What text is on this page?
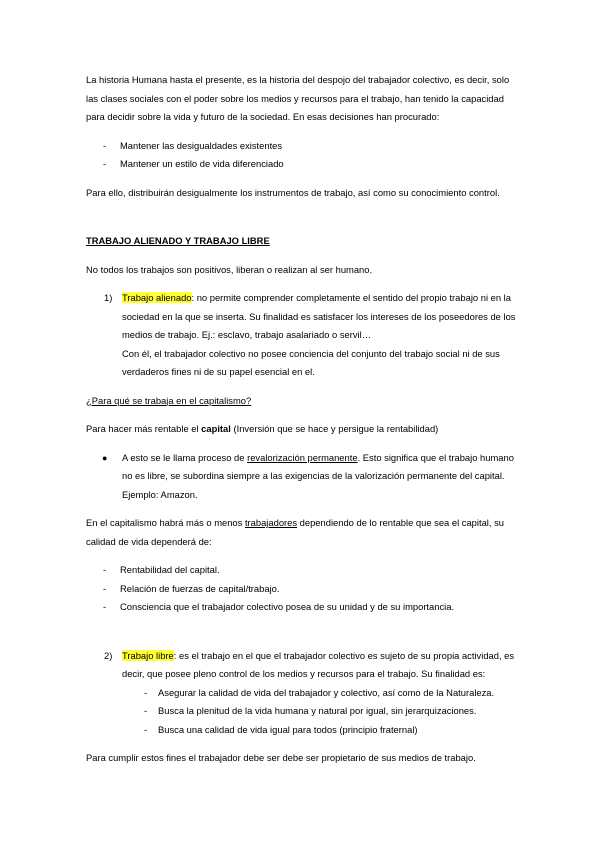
La historia Humana hasta el presente, es la historia del despojo del trabajador colectivo, es decir, solo las clases sociales con el poder sobre los medios y recursos para el trabajo, han tenido la capacidad para decidir sobre la vida y futuro de la sociedad. En esas decisiones han procurado:

- Mantener las desigualdades existentes
- Mantener un estilo de vida diferenciado

Para ello, distribuirán desigualmente los instrumentos de trabajo, así como su conocimiento control.

TRABAJO ALIENADO Y TRABAJO LIBRE

No todos los trabajos son positivos, liberan o realizan al ser humano.

1) Trabajo alienado: no permite comprender completamente el sentido del propio trabajo ni en la sociedad en la que se inserta. Su finalidad es satisfacer los intereses de los poseedores de los medios de trabajo. Ej.: esclavo, trabajo asalariado o servil…
Con él, el trabajador colectivo no posee conciencia del conjunto del trabajo social ni de sus verdaderos fines ni de su papel esencial en el.

¿Para qué se trabaja en el capitalismo?

Para hacer más rentable el capital (Inversión que se hace y persigue la rentabilidad)

● A esto se le llama proceso de revalorización permanente. Esto significa que el trabajo humano no es libre, se subordina siempre a las exigencias de la valorización permanente del capital. Ejemplo: Amazon.

En el capitalismo habrá más o menos trabajadores dependiendo de lo rentable que sea el capital, su calidad de vida dependerá de:

- Rentabilidad del capital.
- Relación de fuerzas de capital/trabajo.
- Consciencia que el trabajador colectivo posea de su unidad y de su importancia.
2) Trabajo libre: es el trabajo en el que el trabajador colectivo es sujeto de su propia actividad, es decir, que posee pleno control de los medios y recursos para el trabajo. Su finalidad es:
- Asegurar la calidad de vida del trabajador y colectivo, así como de la Naturaleza.
- Busca la plenitud de la vida humana y natural por igual, sin jerarquizaciones.
- Busca una calidad de vida igual para todos (principio fraternal)

Para cumplir estos fines el trabajador debe ser debe ser propietario de sus medios de trabajo.
